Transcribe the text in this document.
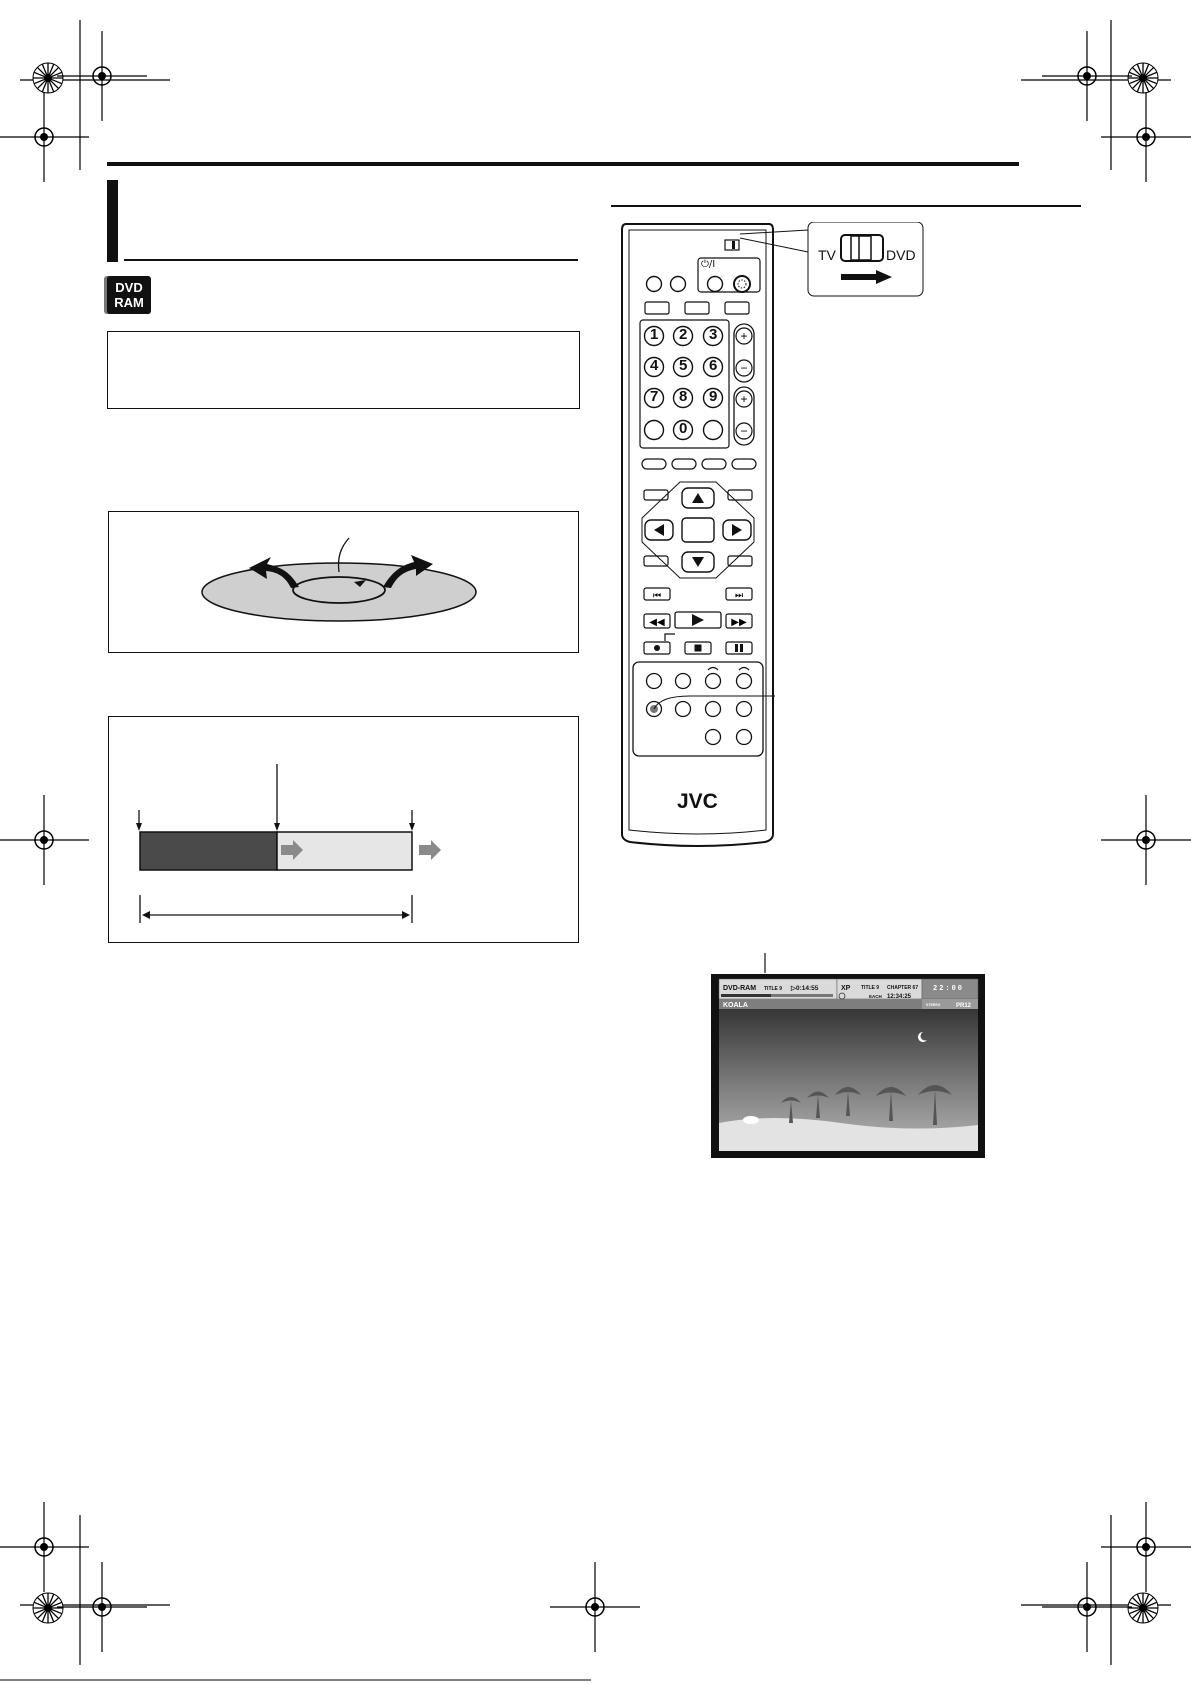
DVD
RAM
+
−
+
−
⏮	⏭
◀◀	▶▶
1 2 3
4 5 6
7 8 9
0
⏻/I
JVC
TV	DVD
DVD-RAM TITLE 9 ▷0:14:55	XP TITLE 9 CHAPTER 67
EACH 12:34:25
22:00
STEREO	PR12
KOALA
